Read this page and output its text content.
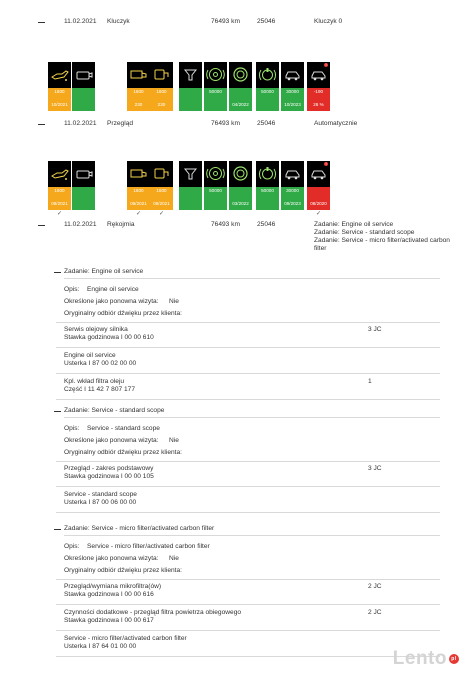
11.02.2021 Kluczyk	76493 km	25046	Kluczyk 0
11.02.2021 Przegląd	76493 km	25046	Automatycznie
11.02.2021 Rękojmia	76493 km	25046	Zadanie: Engine oil service
Zadanie: Service - standard scope
Zadanie: Service - micro filter/activated carbon filter
1600
10/2021
1600
230
1600
230
50000
04/2022
50000	30000
10/2023
!
-190
26 %
1600
09/2021
✓
1600
09/2021
✓
1600
09/2021
✓
50000
03/2022
50000	30000
09/2023
!
08/2020
✓
Zadanie: Engine oil service
Opis: Engine oil service
Określone jako ponowna wizyta: Nie
Oryginalny odbiór dźwięku przez klienta:
Serwis olejowy silnika
Stawka godzinowa I 00 00 610
3 JC
Engine oil service
Usterka I 87 00 02 00 00
Kpl. wkład filtra oleju
Część I 11 42 7 807 177
1
Zadanie: Service - standard scope
Opis: Service - standard scope
Określone jako ponowna wizyta: Nie
Oryginalny odbiór dźwięku przez klienta:
Przegląd - zakres podstawowy
Stawka godzinowa I 00 00 105
3 JC
Service - standard scope
Usterka I 87 00 06 00 00
Zadanie: Service - micro filter/activated carbon filter
Opis: Service - micro filter/activated carbon filter
Określone jako ponowna wizyta: Nie
Oryginalny odbiór dźwięku przez klienta:
Przegląd/wymiana mikrofiltra(ów)
Stawka godzinowa I 00 00 616
2 JC
Czynności dodatkowe - przegląd filtra powietrza obiegowego
Stawka godzinowa I 00 00 617
2 JC
Service - micro filter/activated carbon filter
Usterka I 87 64 01 00 00
Lento pl
